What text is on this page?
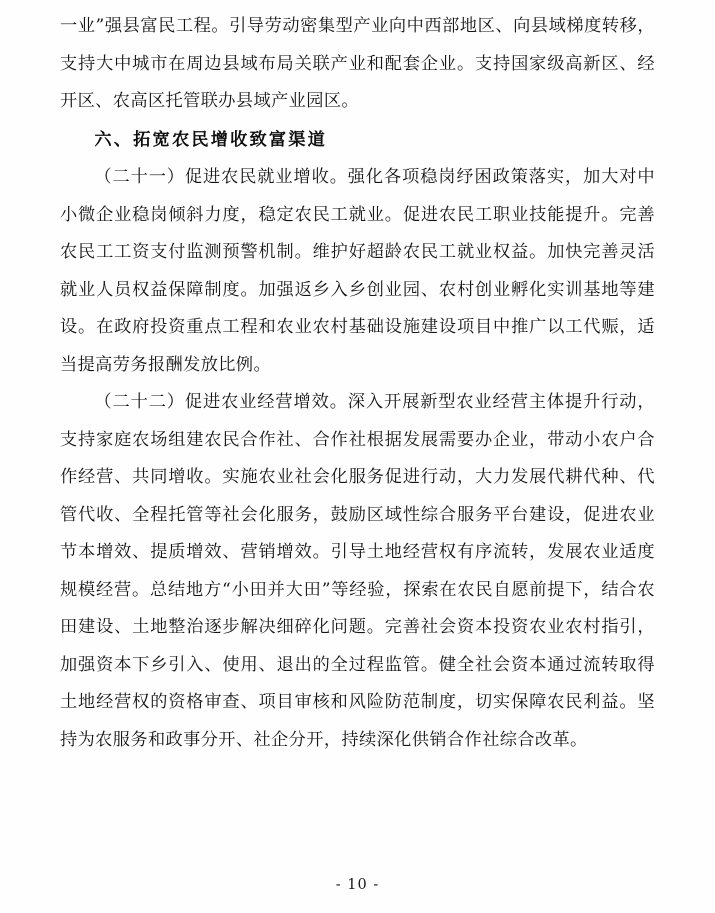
一业”强县富民工程。引导劳动密集型产业向中西部地区、向县域梯度转移，支持大中城市在周边县域布局关联产业和配套企业。支持国家级高新区、经开区、农高区托管联办县域产业园区。

六、拓宽农民增收致富渠道

（二十一）促进农民就业增收。强化各项稳岗纾困政策落实，加大对中小微企业稳岗倾斜力度，稳定农民工就业。促进农民工职业技能提升。完善农民工工资支付监测预警机制。维护好超龄农民工就业权益。加快完善灵活就业人员权益保障制度。加强返乡入乡创业园、农村创业孵化实训基地等建设。在政府投资重点工程和农业农村基础设施建设项目中推广以工代赈，适当提高劳务报酬发放比例。

（二十二）促进农业经营增效。深入开展新型农业经营主体提升行动，支持家庭农场组建农民合作社、合作社根据发展需要办企业，带动小农户合作经营、共同增收。实施农业社会化服务促进行动，大力发展代耕代种、代管代收、全程托管等社会化服务，鼓励区域性综合服务平台建设，促进农业节本增效、提质增效、营销增效。引导土地经营权有序流转，发展农业适度规模经营。总结地方“小田并大田”等经验，探索在农民自愿前提下，结合农田建设、土地整治逐步解决细碎化问题。完善社会资本投资农业农村指引，加强资本下乡引入、使用、退出的全过程监管。健全社会资本通过流转取得土地经营权的资格审查、项目审核和风险防范制度，切实保障农民利益。坚持为农服务和政事分开、社企分开，持续深化供销合作社综合改革。

- 10 -
